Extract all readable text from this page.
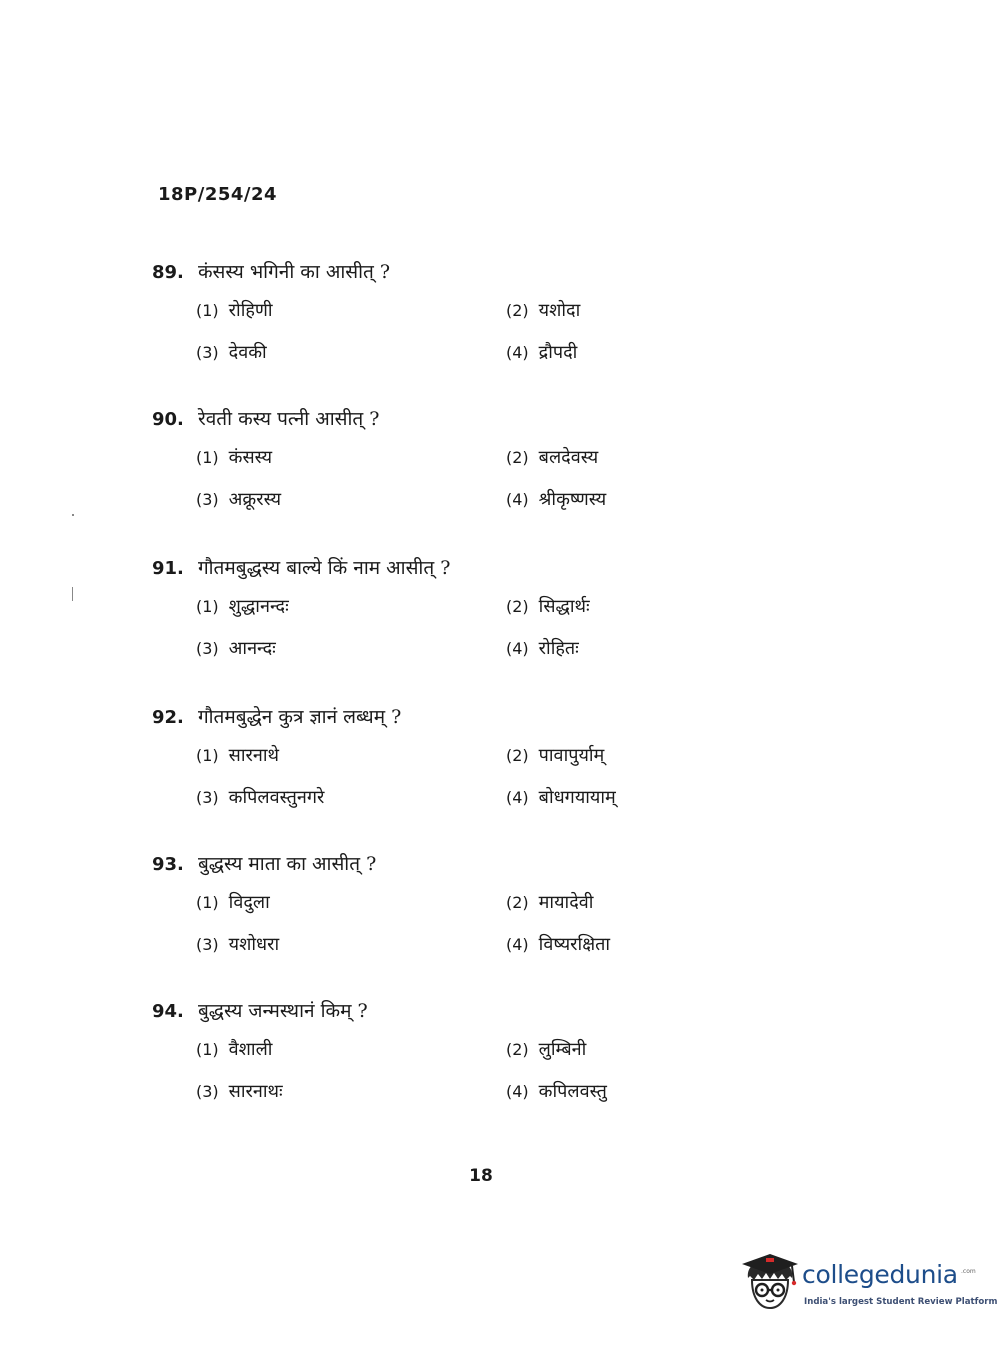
18P/254/24
89. कंसस्य भगिनी का आसीत् ?
(1) रोहिणी	(2) यशोदा
(3) देवकी	(4) द्रौपदी
90. रेवती कस्य पत्नी आसीत् ?
(1) कंसस्य	(2) बलदेवस्य
(3) अक्रूरस्य	(4) श्रीकृष्णस्य
91. गौतमबुद्धस्य बाल्ये किं नाम आसीत् ?
(1) शुद्धानन्दः	(2) सिद्धार्थः
(3) आनन्दः	(4) रोहितः
92. गौतमबुद्धेन कुत्र ज्ञानं लब्धम् ?
(1) सारनाथे	(2) पावापुर्याम्
(3) कपिलवस्तुनगरे	(4) बोधगयायाम्
93. बुद्धस्य माता का आसीत् ?
(1) विदुला	(2) मायादेवी
(3) यशोधरा	(4) विष्यरक्षिता
94. बुद्धस्य जन्मस्थानं किम् ?
(1) वैशाली	(2) लुम्बिनी
(3) सारनाथः	(4) कपिलवस्तु
18
collegedunia .com
India's largest Student Review Platform
